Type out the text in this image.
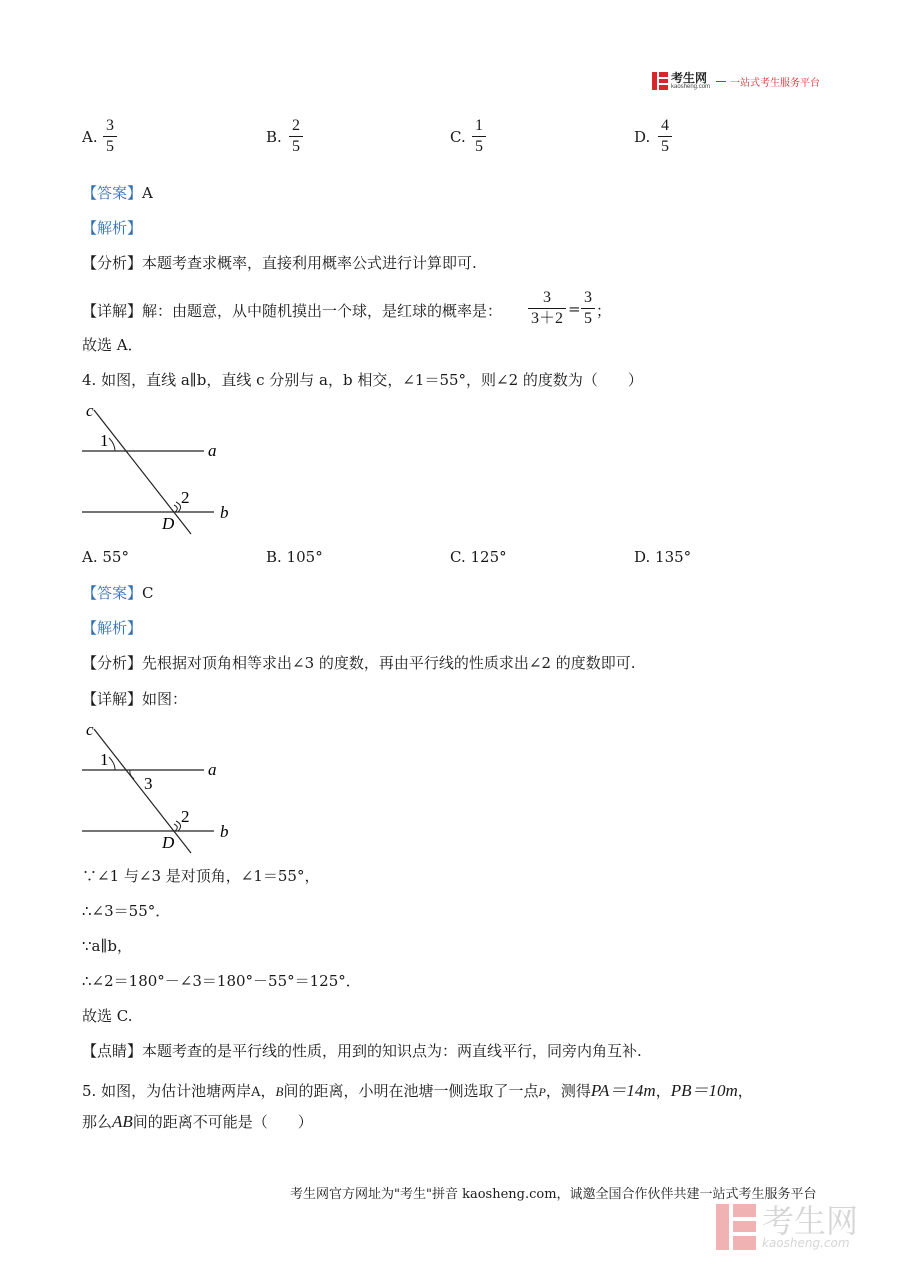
考生网
kaosheng.com 一站式考生服务平台
A.
3
5
B.
2
5
C.
1
5
D.
4
5
【答案】A
【解析】
【分析】本题考查求概率，直接利用概率公式进行计算即可.
【详解】解：由题意，从中随机摸出一个球，是红球的概率是：
3
3＋2
=
3
5 ；
故选 A．
4. 如图，直线 a∥b，直线 c 分别与 a，b 相交，∠1＝55°，则∠2 的度数为（　　）
c
1
a
2
b
D
A. 55°	B. 105°	C. 125°	D. 135°
【答案】C
【解析】
【分析】先根据对顶角相等求出∠3 的度数，再由平行线的性质求出∠2 的度数即可.
【详解】如图：
c
1
3
a
2
b
D
∵∠1 与∠3 是对顶角，∠1＝55°，
∴∠3＝55°．
∵a∥b，
∴∠2＝180°－∠3＝180°－55°＝125°．
故选 C.
【点睛】本题考查的是平行线的性质，用到的知识点为：两直线平行，同旁内角互补.
5. 如图，为估计池塘两岸A，B间的距离，小明在池塘一侧选取了一点P，测得PA＝14m，PB＝10m，
那么AB间的距离不可能是（　　）
考生网官方网址为"考生"拼音 kaosheng.com，诚邀全国合作伙伴共建一站式考生服务平台
考生网
kaosheng.com
